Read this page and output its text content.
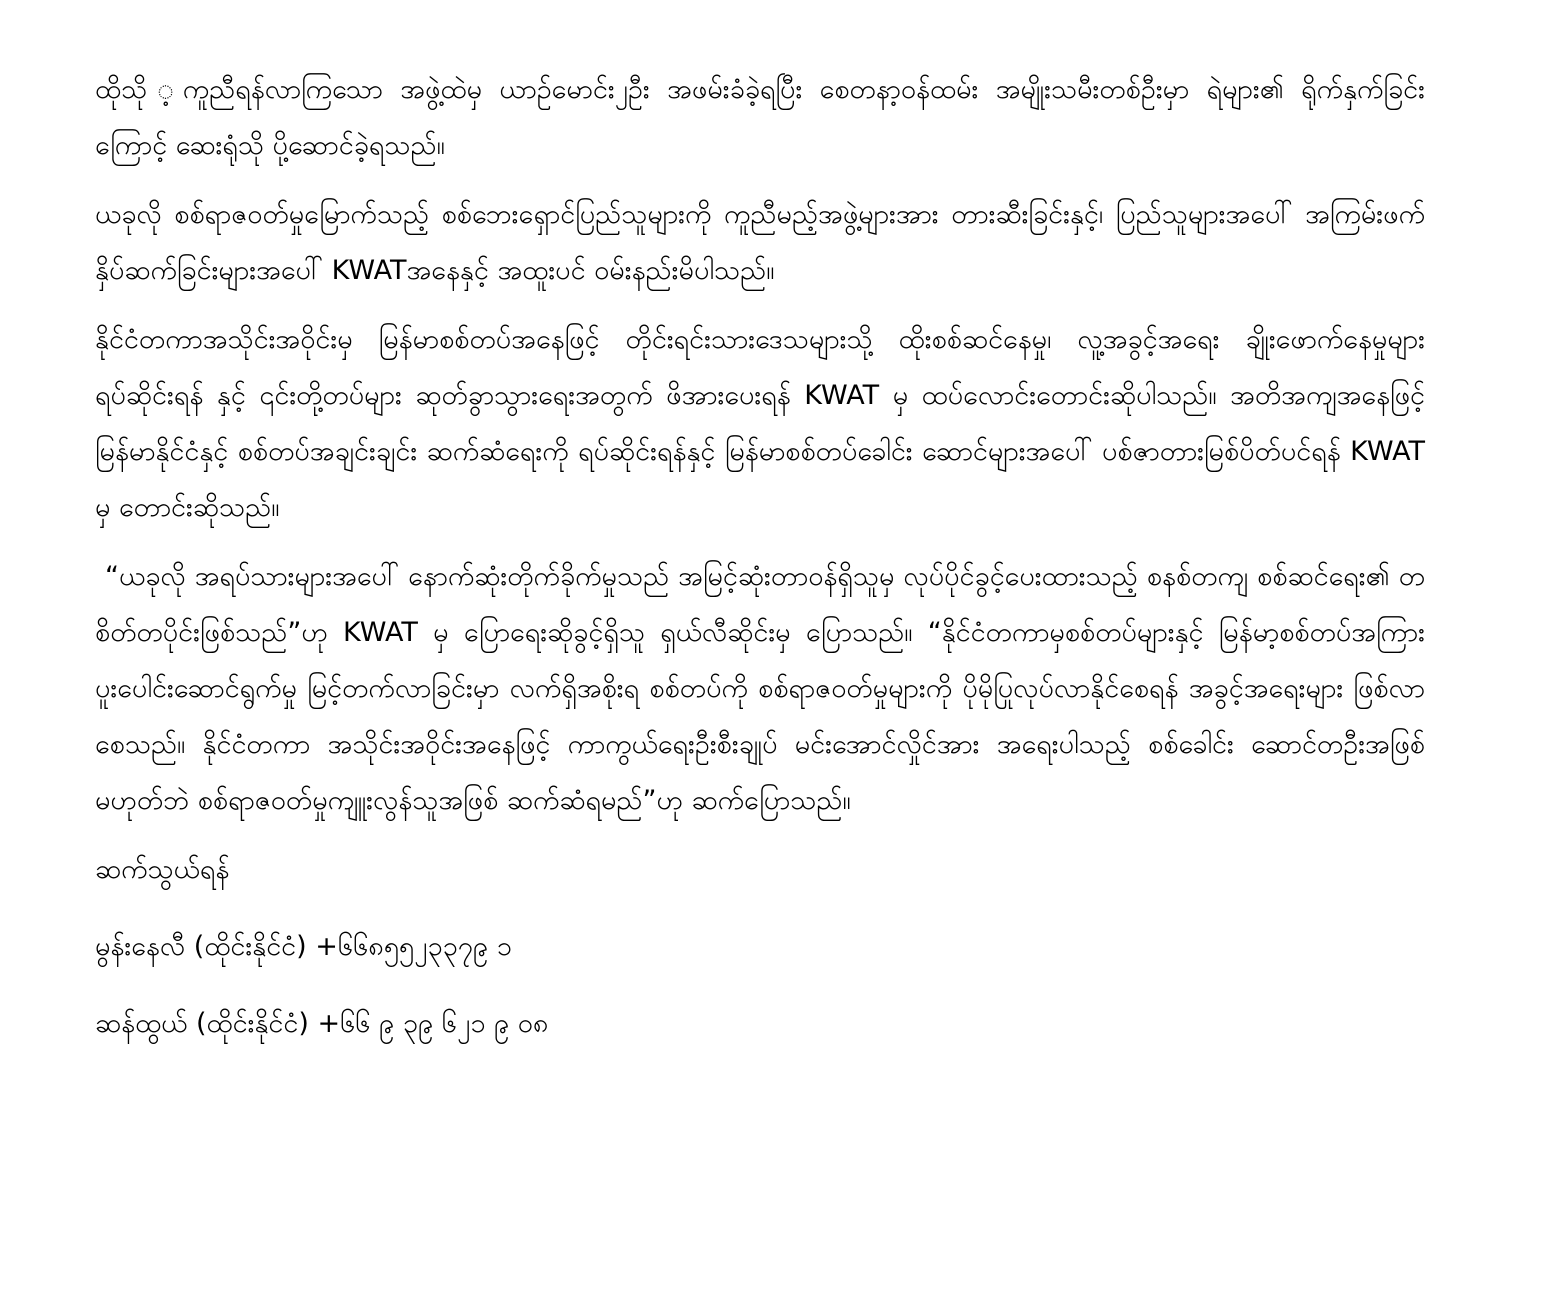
ထိုသို ့ကူညီရန်လာကြသော အဖွဲ့ထဲမှ ယာဉ်မောင်း၂ဦး အဖမ်းခံခဲ့ရပြီး စေတနာ့ဝန်ထမ်း အမျိုးသမီးတစ်ဦးမှာ ရဲများ၏ ရိုက်နှက်ခြင်း ကြောင့် ဆေးရုံသို ပို့ဆောင်ခဲ့ရသည်။

ယခုလို စစ်ရာဇဝတ်မှုမြောက်သည့် စစ်ဘေးရှောင်ပြည်သူများကို ကူညီမည့်အဖွဲ့များအား တားဆီးခြင်းနှင့်၊ ပြည်သူများအပေါ် အကြမ်းဖက် နှိပ်ဆက်ခြင်းများအပေါ် KWATအနေနှင့် အထူးပင် ဝမ်းနည်းမိပါသည်။

နိုင်ငံတကာအသိုင်းအဝိုင်းမှ မြန်မာစစ်တပ်အနေဖြင့် တိုင်းရင်းသားဒေသများသို့ ထိုးစစ်ဆင်နေမှု၊ လူ့အခွင့်အရေး ချိုးဖောက်နေမှုများ ရပ်ဆိုင်းရန် နှင့် ၎င်းတို့တပ်များ ဆုတ်ခွာသွားရေးအတွက် ဖိအားပေးရန် KWAT မှ ထပ်လောင်းတောင်းဆိုပါသည်။ အတိအကျအနေဖြင့် မြန်မာနိုင်ငံနှင့် စစ်တပ်အချင်းချင်း ဆက်ဆံရေးကို ရပ်ဆိုင်းရန်နှင့် မြန်မာစစ်တပ်ခေါင်း ဆောင်များအပေါ် ပစ်ဇာတားမြစ်ပိတ်ပင်ရန် KWAT မှ တောင်းဆိုသည်။

“ယခုလို အရပ်သားများအပေါ် နောက်ဆုံးတိုက်ခိုက်မှုသည် အမြင့်ဆုံးတာဝန်ရှိသူမှ လုပ်ပိုင်ခွင့်ပေးထားသည့် စနစ်တကျ စစ်ဆင်ရေး၏ တစိတ်တပိုင်းဖြစ်သည်”ဟု KWAT မှ ပြောရေးဆိုခွင့်ရှိသူ ရှယ်လီဆိုင်းမှ ပြောသည်။ “နိုင်ငံတကာမှစစ်တပ်များနှင့် မြန်မာ့စစ်တပ်အကြား ပူးပေါင်းဆောင်ရွက်မှု မြင့်တက်လာခြင်းမှာ လက်ရှိအစိုးရ စစ်တပ်ကို စစ်ရာဇဝတ်မှုများကို ပိုမိုပြုလုပ်လာနိုင်စေရန် အခွင့်အရေးများ ဖြစ်လာစေသည်။ နိုင်ငံတကာ အသိုင်းအဝိုင်းအနေဖြင့် ကာကွယ်ရေးဦးစီးချုပ် မင်းအောင်လှိုင်အား အရေးပါသည့် စစ်ခေါင်း ဆောင်တဦးအဖြစ်မဟုတ်ဘဲ စစ်ရာဇဝတ်မှုကျူးလွန်သူအဖြစ် ဆက်ဆံရမည်”ဟု ဆက်ပြောသည်။

ဆက်သွယ်ရန်

မွန်းနေလီ (ထိုင်းနိုင်ငံ) +၆၆၈၅၅၂၃၃၇၉ ၁

ဆန်ထွယ် (ထိုင်းနိုင်ငံ) +၆၆ ၉ ၃၉ ၆၂၁ ၉ ဝ၈
